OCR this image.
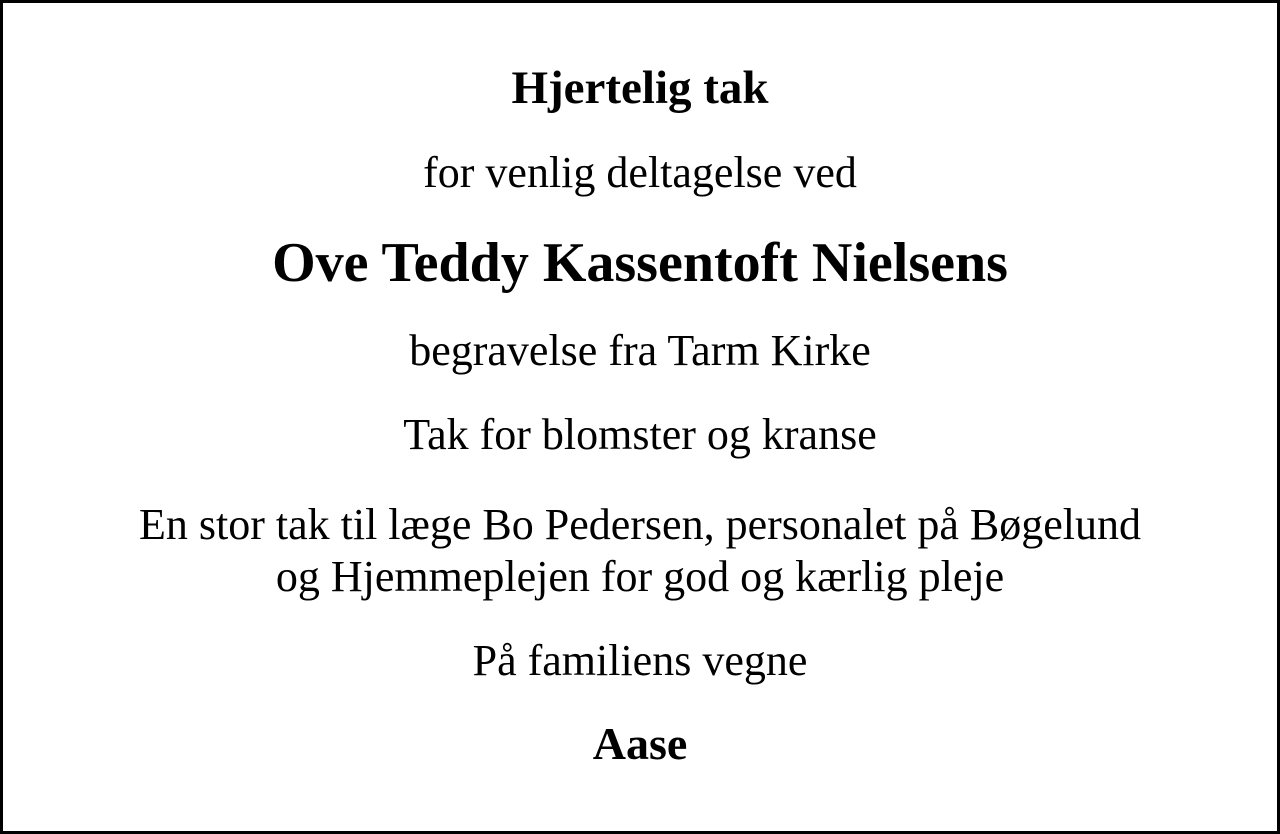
Hjertelig tak

for venlig deltagelse ved

Ove Teddy Kassentoft Nielsens

begravelse fra Tarm Kirke

Tak for blomster og kranse

En stor tak til læge Bo Pedersen, personalet på Bøgelund
og Hjemmeplejen for god og kærlig pleje

På familiens vegne

Aase
